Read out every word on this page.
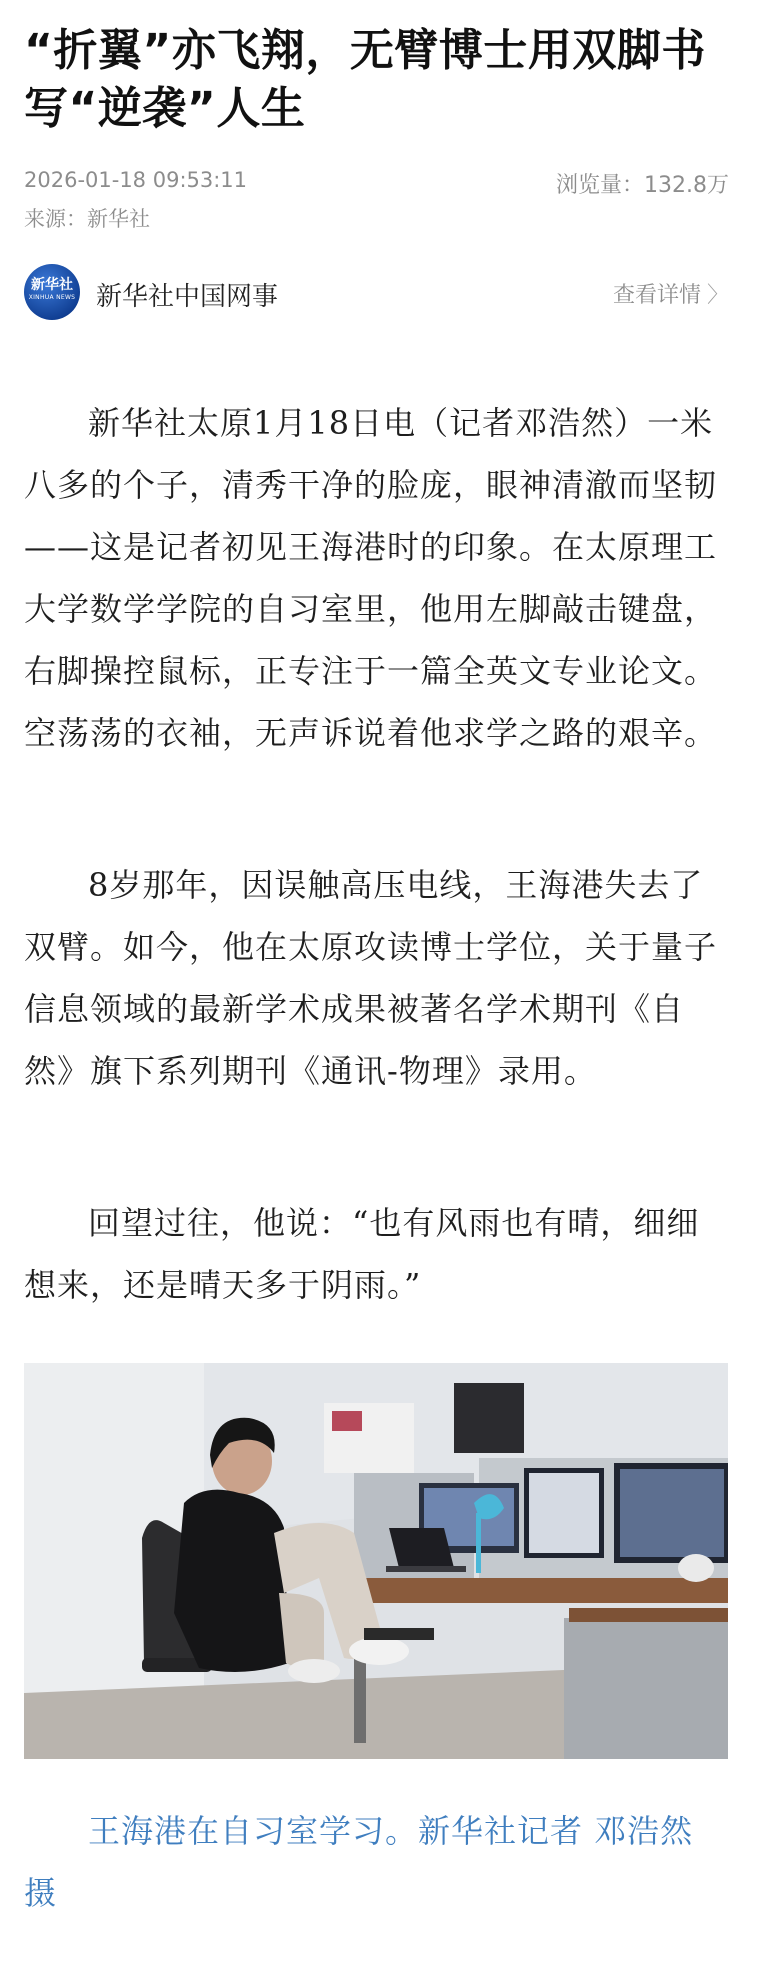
“折翼”亦飞翔，无臂博士用双脚书写“逆袭”人生
2026-01-18 09:53:11
来源：新华社
浏览量：132.8万
新华社
XINHUA NEWS 新华社中国网事	查看详情 〉
新华社太原1月18日电（记者邓浩然）一米八多的个子，清秀干净的脸庞，眼神清澈而坚韧——这是记者初见王海港时的印象。在太原理工大学数学学院的自习室里，他用左脚敲击键盘，右脚操控鼠标，正专注于一篇全英文专业论文。空荡荡的衣袖，无声诉说着他求学之路的艰辛。
8岁那年，因误触高压电线，王海港失去了双臂。如今，他在太原攻读博士学位，关于量子信息领域的最新学术成果被著名学术期刊《自然》旗下系列期刊《通讯-物理》录用。
回望过往，他说：“也有风雨也有晴，细细想来，还是晴天多于阴雨。”
王海港在自习室学习。新华社记者 邓浩然 摄
